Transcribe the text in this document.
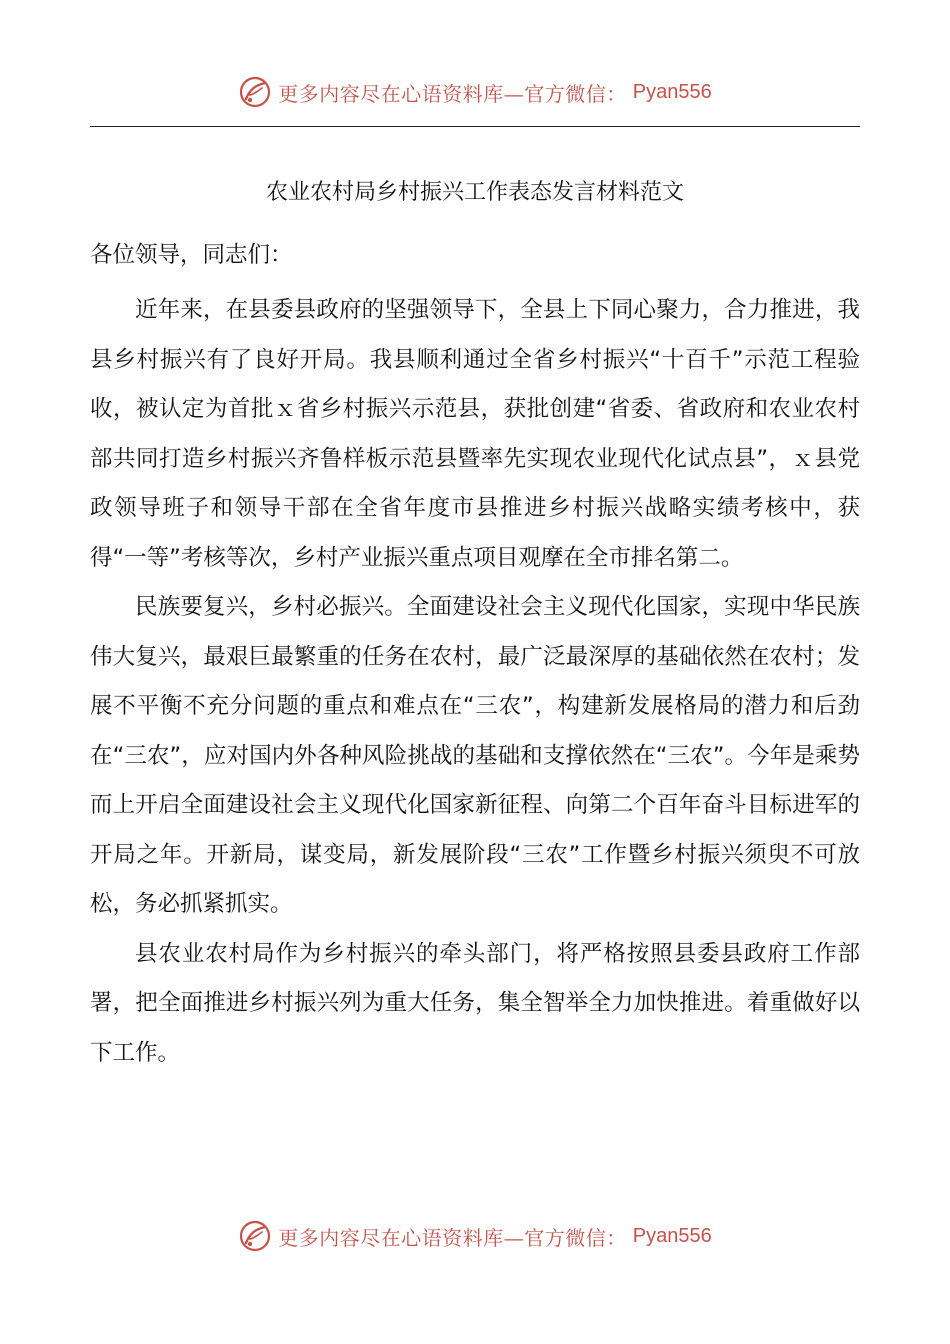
更多内容尽在心语资料库—官方微信： Pyan556
农业农村局乡村振兴工作表态发言材料范文
各位领导，同志们：

近年来，在县委县政府的坚强领导下，全县上下同心聚力，合力推进，我县乡村振兴有了良好开局。我县顺利通过全省乡村振兴“十百千”示范工程验收，被认定为首批ｘ省乡村振兴示范县，获批创建“省委、省政府和农业农村部共同打造乡村振兴齐鲁样板示范县暨率先实现农业现代化试点县”，ｘ县党政领导班子和领导干部在全省年度市县推进乡村振兴战略实绩考核中，获得“一等”考核等次，乡村产业振兴重点项目观摩在全市排名第二。

民族要复兴，乡村必振兴。全面建设社会主义现代化国家，实现中华民族伟大复兴，最艰巨最繁重的任务在农村，最广泛最深厚的基础依然在农村；发展不平衡不充分问题的重点和难点在“三农”，构建新发展格局的潜力和后劲在“三农”，应对国内外各种风险挑战的基础和支撑依然在“三农”。今年是乘势而上开启全面建设社会主义现代化国家新征程、向第二个百年奋斗目标进军的开局之年。开新局，谋变局，新发展阶段“三农”工作暨乡村振兴须臾不可放松，务必抓紧抓实。

县农业农村局作为乡村振兴的牵头部门，将严格按照县委县政府工作部署，把全面推进乡村振兴列为重大任务，集全智举全力加快推进。着重做好以下工作。

更多内容尽在心语资料库—官方微信： Pyan556
